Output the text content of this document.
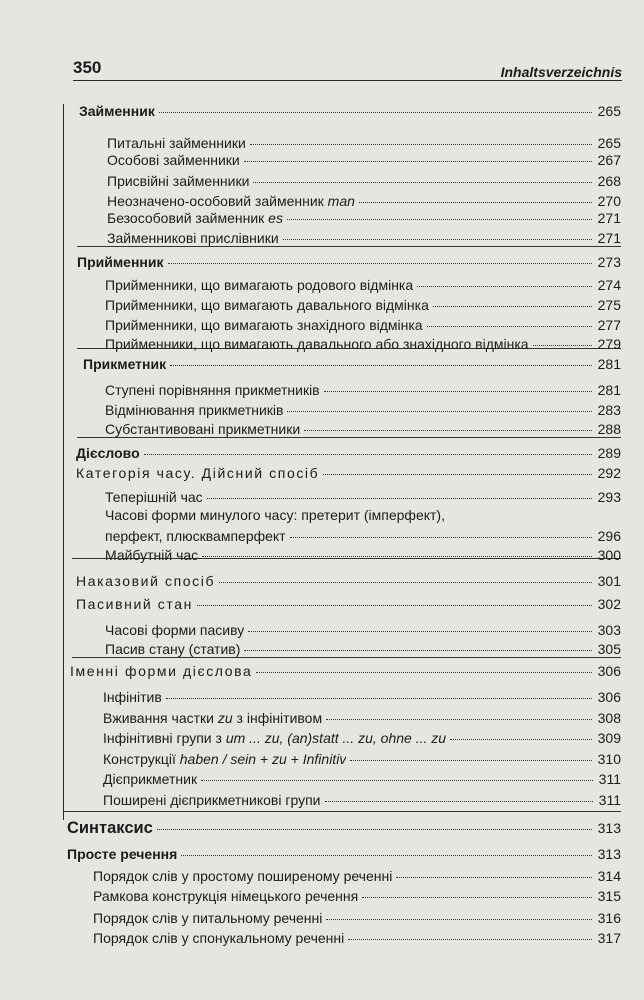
350	Inhaltsverzeichnis
Займенник	265
Питальні займенники	265
Особові займенники	267
Присвійні займенники	268
Неозначено-особовий займенник man	270
Безособовий займенник es	271
Займенникові прислівники	271
Прийменник	273
Прийменники, що вимагають родового відмінка	274
Прийменники, що вимагають давального відмінка	275
Прийменники, що вимагають знахідного відмінка	277
Прийменники, що вимагають давального або знахідного відмінка	279
Прикметник	281
Ступені порівняння прикметників	281
Відмінювання прикметників	283
Субстантивовані прикметники	288
Дієслово	289
Категорія часу. Дійсний спосіб	292
Теперішній час	293
Часові форми минулого часу: претерит (імперфект),
перфект, плюсквамперфект	296
Майбутній час	300
Наказовий спосіб	301
Пасивний стан	302
Часові форми пасиву	303
Пасив стану (статив)	305
Іменні форми дієслова	306
Інфінітив	306
Вживання частки zu з інфінітивом	308
Інфінітивні групи з um ... zu, (an)statt ... zu, ohne ... zu	309
Конструкції haben / sein + zu + Infinitiv	310
Дієприкметник	311
Поширені дієприкметникові групи	311
Синтаксис	313
Просте речення	313
Порядок слів у простому поширеному реченні	314
Рамкова конструкція німецького речення	315
Порядок слів у питальному реченні	316
Порядок слів у спонукальному реченні	317
